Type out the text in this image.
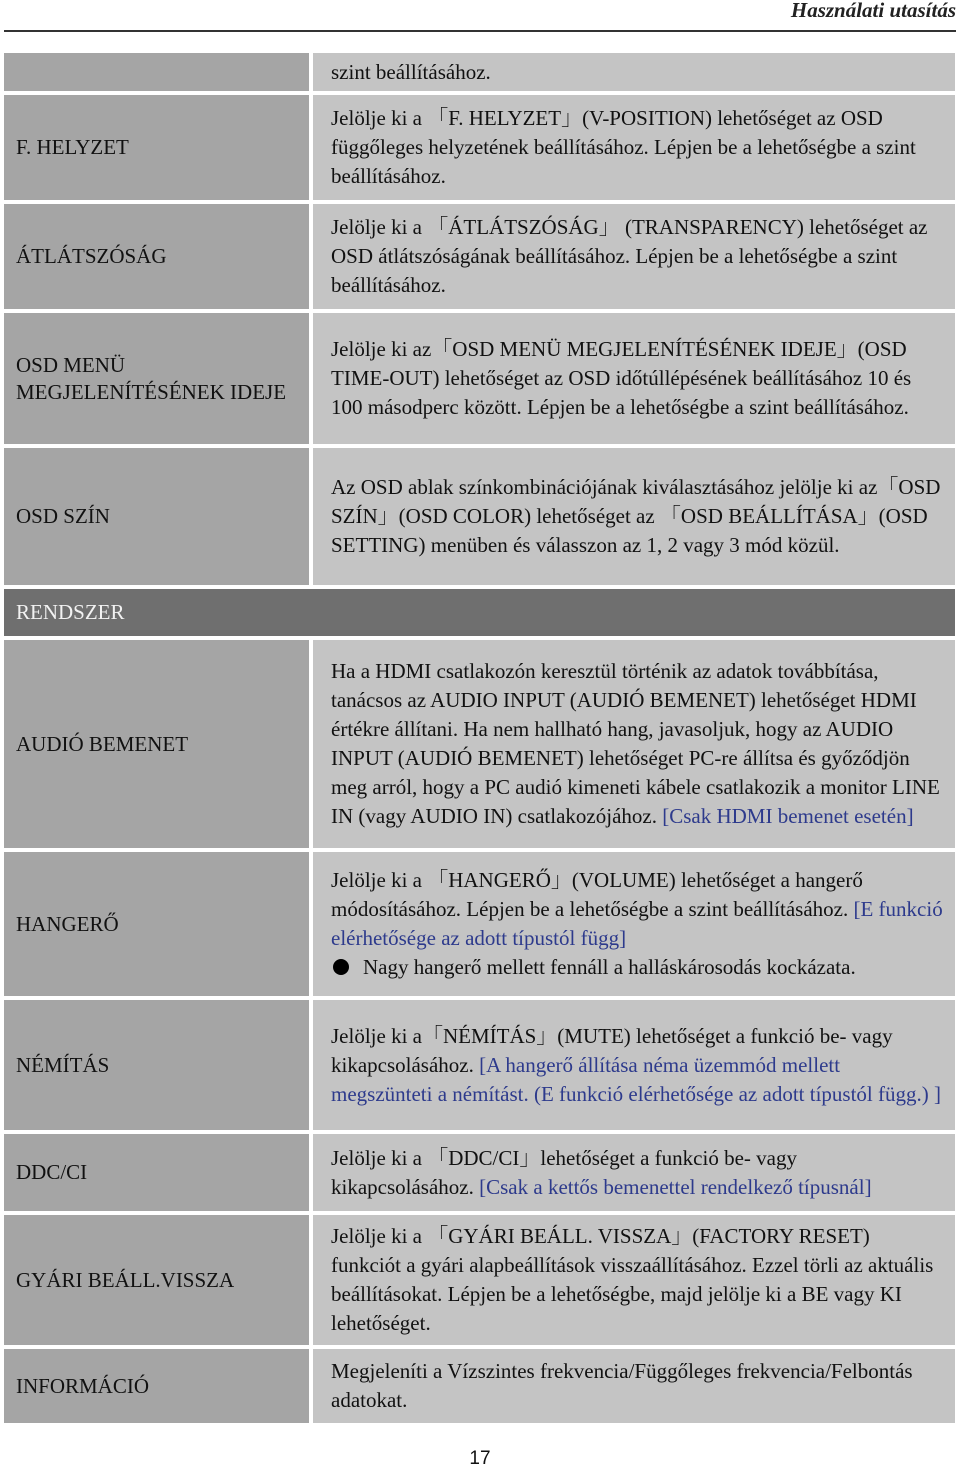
Használati utasítás

szint beállításához.

F. HELYZET

Jelölje ki a 「F. HELYZET」(V-POSITION) lehetőséget az OSD függőleges helyzetének beállításához. Lépjen be a lehetőségbe a szint beállításához.

ÁTLÁTSZÓSÁG

Jelölje ki a 「ÁTLÁTSZÓSÁG」 (TRANSPARENCY) lehetőséget az OSD átlátszóságának beállításához. Lépjen be a lehetőségbe a szint beállításához.

OSD MENÜ MEGJELENÍTÉSÉNEK IDEJE

Jelölje ki az「OSD MENÜ MEGJELENÍTÉSÉNEK IDEJE」(OSD TIME-OUT) lehetőséget az OSD időtúllépésének beállításához 10 és 100 másodperc között. Lépjen be a lehetőségbe a szint beállításához.

OSD SZÍN

Az OSD ablak színkombinációjának kiválasztásához jelölje ki az「OSD SZÍN」(OSD COLOR) lehetőséget az 「OSD BEÁLLÍTÁSA」(OSD SETTING) menüben és válasszon az 1, 2 vagy 3 mód közül.

RENDSZER
AUDIÓ BEMENET

Ha a HDMI csatlakozón keresztül történik az adatok továbbítása, tanácsos az AUDIO INPUT (AUDIÓ BEMENET) lehetőséget HDMI értékre állítani. Ha nem hallható hang, javasoljuk, hogy az AUDIO INPUT (AUDIÓ BEMENET) lehetőséget PC-re állítsa és győződjön meg arról, hogy a PC audió kimeneti kábele csatlakozik a monitor LINE IN (vagy AUDIO IN) csatlakozójához. [Csak HDMI bemenet esetén]

HANGERŐ

Jelölje ki a 「HANGERŐ」(VOLUME) lehetőséget a hangerő módosításához. Lépjen be a lehetőségbe a szint beállításához. [E funkció elérhetősége az adott típustól függ]

Nagy hangerő mellett fennáll a halláskárosodás kockázata.

NÉMÍTÁS

Jelölje ki a「NÉMÍTÁS」(MUTE) lehetőséget a funkció be- vagy kikapcsolásához. [A hangerő állítása néma üzemmód mellett megszünteti a némítást. (E funkció elérhetősége az adott típustól függ.) ]

DDC/CI

Jelölje ki a 「DDC/CI」lehetőséget a funkció be- vagy kikapcsolásához. [Csak a kettős bemenettel rendelkező típusnál]

GYÁRI BEÁLL.VISSZA

Jelölje ki a 「GYÁRI BEÁLL. VISSZA」(FACTORY RESET) funkciót a gyári alapbeállítások visszaállításához. Ezzel törli az aktuális beállításokat. Lépjen be a lehetőségbe, majd jelölje ki a BE vagy KI lehetőséget.

INFORMÁCIÓ

Megjeleníti a Vízszintes frekvencia/Függőleges frekvencia/Felbontás adatokat.

17
